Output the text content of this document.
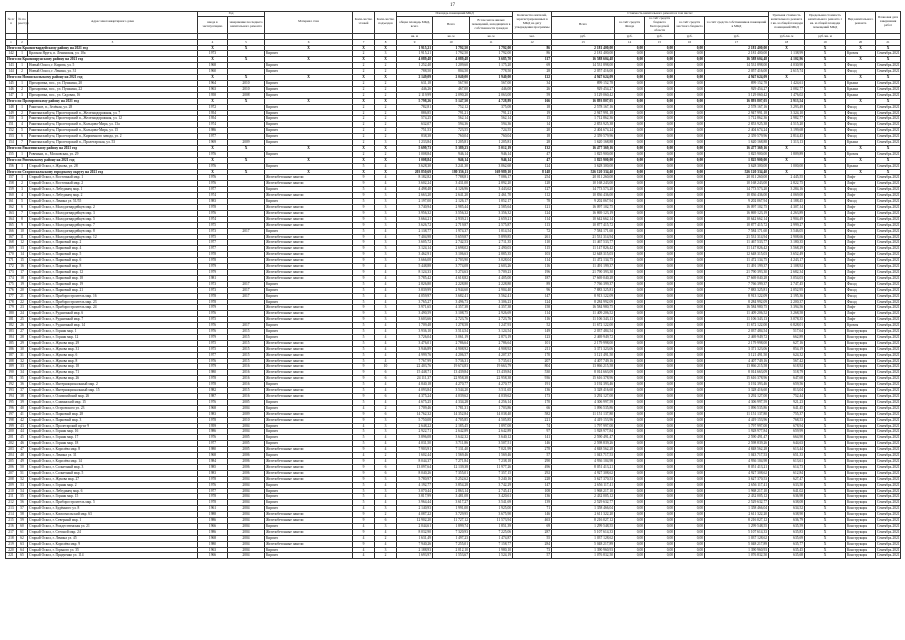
17
№ п/п	№ по реестру	Адрес многоквартирного дома	Год		Материал стен	Коли-чество этажей	Коли-чество подъездов	Площадь помещений МКД			Количество жителей, зарегистрированных в МКД на дату утверждения программы	Стоимость капитального ремонта в том числе:					Удельная стоимость капитального ремонта 1 кв. м общей площади помещений МКД	Предельная стоимость капитального ремонта 1 кв. м общей площади помещений МКД	Вид капитального ремонта	Плановая дата завершения работ
			ввода в эксплуатацию	завершение последнего капитального ремонта				общая площадь МКД, всего	Всего	В том числе жилых помещений, находящихся в собственности граждан		Всего	за счёт средств Фонда	за счёт средств бюджета Белгородской области	за счёт средств местного бюджета	за счёт средств собственников помещений в МКД				
								кв. м	кв. м	кв. м	чел.	руб.	руб.	руб.	руб.	руб.	руб./кв. м	руб./кв. м		
1	2	3	4	5	6	7	8	9	10	11	12	13	14	15	16	17	18	19	20	21
Итого по Красногвардейскому району на 2021 год			X	X	X	X	X	1 915,21	1 792,50	1 792,00	86	2 181 400,00	0,00	0,00	0,00	2 181 400,00	X	X	X	X
142	1	Красная Яруга, п. Ленинская, ул. 10а	1973		Кирпич	2	3	1 915,21	1 792,50	1 792,00	86	2 181 400,00	0,00	0,00	0,00	2 181 400,00	1 138,99	X	Кровля	Сентябрь 2021
Итого по Краснояружскому району на 2021 год			X	X	X	X	X	4 089,48	4 089,48	3 685,70	117	16 588 604,48	0,00	0,00	0,00	16 588 604,48	4 102,96	X	X	X
143	1	Новый Оскол, г. Кирова, ул. 5	1968		Кирпич	2	2	1 252,40	1 209,60	1 175,20	69	14 531 898,00	0,00	0,00	0,00	14 531 898,00	4 030,90	X	Фасад	Сентябрь 2021
144	2	Новый Оскол, г. Ленина, ул. 31	1960		Кирпич	2	2	788,50	804,50	778,50	28	2 057 416,00	0,00	0,00	0,00	2 057 416,00	2 615,74	X	Фасад	Сентябрь 2021
Итого по Новооскольскому району на 2021 год			X	X	X	X	X	2 149,09	2 040,00	1 940,00	122	4 947 624,09	0,00	0,00	0,00	4 947 624,09	X	X	X	X
145	1	Прохоровка, пос., ул. Пушкина, 20	1964	2010	Кирпич	2	2	631,18	567,90	567,00	34	899 152,78	0,00	0,00	0,00	899 152,78	1 424,61	X	Крыша	Сентябрь 2021
146	2	Прохоровка, пос., ул. Пушкина, 22	1963	2010	Кирпич	2	2	446,26	467,00	446,00	26	929 454,27	0,00	0,00	0,00	929 454,27	2 082,77	X	Крыша	Сентябрь 2021
147	3	Прохоровка, пос., ул. Садовая, 16	1958	2008	Кирпич	2	2	2 119,99	2 090,20	2 063,00	59	3 129 060,42	0,00	0,00	0,00	3 129 060,42	1 476,02	X	Крыша	Сентябрь 2021
Итого по Прохоровскому району на 2021 год			X	X	X	X	X	5 798,26	5 147,50	4 728,89	166	16 893 807,05	0,00	0,00	0,00	16 893 807,05	2 913,54	X	X	X
148	1	Ракитное, п., Зелёная, ул. 28	1972		Кирпич	2	2	782,81	752,12	375,08	18	2 578 167,16	0,00	0,00	0,00	2 578 167,16	3 293,49	X	Фасад	Сентябрь 2021
149	2	Ракитянский р-н, Пролетарский п., Железнодорожная, ул. 7	1954		Кирпич	2	2	886,85	791,21	791,21	19	2 947 991,18	0,00	0,00	0,00	2 947 991,18	3 324,10	X	Фасад	Сентябрь 2021
150	3	Ракитянский р-н, Пролетарский п., Железнодорожная, ул. 12	1954		Кирпич	2	2	574,25	562,14	562,14	15	1 712 862,36	0,00	0,00	0,00	1 712 862,36	2 982,77	X	Фасад	Сентябрь 2021
151	4	Ракитянский р-н, Пролетарский п., Кольцова-Мира, ул. 13а	1974		Кирпич	2	2	632,07	594,36	594,36	14	2 853 925,38	0,00	0,00	0,00	2 853 925,38	4 515,20	X	Фасад	Сентябрь 2021
152	5	Ракитянский р-н, Пролетарский п., Кольцова-Мира, ул. 15	1986		Кирпич	2	2	751,53	723,55	724,55	20	2 404 674,24	0,00	0,00	0,00	2 404 674,24	3 199,68	X	Фасад	Сентябрь 2021
153	6	Ракитянский р-н, Пролетарский п., Кирпичного завода, ул. 2	1977		Кирпич	2	2	838,38	760,04	760,04	18	2 359 579,96	0,00	0,00	0,00	2 359 579,96	2 814,45	X	Фасад	Сентябрь 2021
154	7	Ракитянский р-н, Пролетарский п., Пролетарская, ул. 53	1969	2009	Кирпич	2	3	1 233,84	1 205,81	1 205,81	28	1 620 168,88	0,00	0,00	0,00	1 620 168,88	1 313,13	X	Крыша	Сентябрь 2021
Итого по Ракитянскому району на 2021 год			X	X	X	X	X	5 699,73	5 389,23	5 012,19	132	16 477 369,16	0,00	0,00	0,00	16 477 369,16	X	X	X	X
155	1	Ровеньки, п., Московская, ул. 29	1976		Кирпич	2	2	1 008,84	946,14	946,14	47	1 825 900,00	0,00	0,00	0,00	1 825 900,00	1 809,89	X	Кровля	Сентябрь 2021
Итого по Ровеньскому району на 2021 год			X	X	X	X	X	1 008,84	946,14	946,14	47	1 825 900,00	0,00	0,00	0,00	1 825 900,00	X	X	X	X
156	1	Старый Оскол, г. Жукова, ул. 28	1976		Кирпич	5	4	3 628,30	3 241,30	3 062,60	124	3 628 300,00	0,00	0,00	0,00	3 628 300,00	1 000,00	X	Крыша	Сентябрь 2021
Итого по Старооскольскому городскому округу на 2021 год			X	X	X	X	X	203 850,69	180 356,11	169 989,10	8 148	526 120 334,40	0,00	0,00	0,00	526 120 334,40	X	X	X	X
157	1	Старый Оскол, г. Восточный мкр. 1	1976		Железобетонные панели	9	4	8 182,82	7 788,81	7 086,17	254	20 011 260,00	0,00	0,00	0,00	20 011 260,00	2 445,55	X	Лифт	Сентябрь 2021
158	2	Старый Оскол, г. Восточный мкр. 2	1976		Железобетонные панели	9	4	3 602,24	3 431,00	2 892,20	128	10 168 243,00	0,00	0,00	0,00	10 168 243,00	2 822,75	X	Лифт	Сентябрь 2021
159	3	Старый Оскол, г. Лебединец мкр. 1	1977		Кирпич	5	4	4 498,48	4 126,96	3 443,62	127	14 773 573,20	0,00	0,00	0,00	14 773 573,20	3 284,16	X	Фасад	Сентябрь 2021
160	4	Старый Оскол, г. Лебединец мкр. 2	1974		Железобетонные панели	9	3	2 663,20	2 641,20	2 461,70	112	10 836 436,00	0,00	0,00	0,00	10 836 436,00	4 069,00	X	Лифт	Сентябрь 2021
161	5	Старый Оскол, г. Ленина ул. 51/55	1983		Кирпич	5	3	2 197,00	2 126,17	1 852,17	78	9 202 067,94	0,00	0,00	0,00	9 202 067,94	4 188,45	X	Фасад	Сентябрь 2021
162	6	Старый Оскол, г. Молодогвардейцев мкр. 2	1978		Железобетонные панели	9	3	3 740,94	2 985,44	2 585,64	121	16 097 102,75	0,00	0,00	0,00	16 097 102,75	4 307,14	X	Лифт	Сентябрь 2021
163	7	Старый Оскол, г. Молодогвардейцев мкр. 3	1976		Железобетонные панели	9	3	3 956,32	3 556,32	3 356,32	124	16 869 123,19	0,00	0,00	0,00	16 869 123,19	4 263,89	X	Лифт	Сентябрь 2021
164	8	Старый Оскол, г. Молодогвардейцев мкр. 5	1974		Железобетонные панели	9	3	3 664,21	2 939,21	2 659,21	114	10 642 662,14	0,00	0,00	0,00	10 642 662,14	2 904,49	X	Лифт	Сентябрь 2021
165	9	Старый Оскол, г. Молодогвардейцев мкр. 7	1975		Железобетонные панели	9	3	3 626,72	2 719,87	2 575,87	113	10 877 415,72	0,00	0,00	0,00	10 877 415,72	2 999,27	X	Лифт	Сентябрь 2021
166	10	Старый Оскол, г. Молодогвардейцев мкр. 8	1973	2017	Кирпич	5	4	2 138,77	1 974,37	1 814,54	72	7 584 171,60	0,00	0,00	0,00	7 584 171,60	3 546,05	X	Фасад	Сентябрь 2021
167	11	Старый Оскол, г. Молодогвардейцев мкр. 12	1975		Железобетонные панели	9	4	7 404,98	5 659,87	5 899,85	261	21 531 314,94	0,00	0,00	0,00	21 531 314,94	2 908,66	X	Лифт	Сентябрь 2021
168	12	Старый Оскол, г. Парковый мкр. 2	1977		Железобетонные панели	9	3	3 605,72	2 742,53	2 711,35	110	11 467 533,77	0,00	0,00	0,00	11 467 533,77	3 180,35	X	Лифт	Сентябрь 2021
169	13	Старый Оскол, г. Парковый мкр. 4	1977		Железобетонные панели	9	3	3 124,14	2 698,02	2 490,03	115	11 147 826,42	0,00	0,00	0,00	11 147 826,42	3 568,29	X	Лифт	Сентябрь 2021
170	14	Старый Оскол, г. Парковый мкр. 5	1978		Железобетонные панели	9	3	3 462,91	3 106,63	2 885,35	103	12 648 315,03	0,00	0,00	0,00	12 648 315,03	3 652,49	X	Лифт	Сентябрь 2021
171	15	Старый Оскол, г. Парковый мкр. 6	1978		Железобетонные панели	9	3	3 666,08	2 703,90	3 028,04	114	11 472 134,75	0,00	0,00	0,00	11 472 134,75	4 243,17	X	Лифт	Сентябрь 2021
172	16	Старый Оскол, г. Парковый мкр. 8	1979		Железобетонные панели	9	4	5 448,88	3 774,08	2 603,26	116	11 491 199,37	0,00	0,00	0,00	11 491 199,37	2 108,92	X	Лифт	Сентябрь 2021
173	17	Старый Оскол, г. Парковый мкр. 12	1979		Железобетонные панели	9	4	8 124,33	5 274,63	5 709,23	196	21 790 393,30	0,00	0,00	0,00	21 790 393,30	2 682,34	X	Лифт	Сентябрь 2021
174	18	Старый Оскол, г. Парковый мкр. 18	1981		Железобетонные панели	9	4	5 785,42	4 618,82	4 405,00	187	17 669 040,28	0,00	0,00	0,00	17 669 040,28	3 054,03	X	Лифт	Сентябрь 2021
175	19	Старый Оскол, г. Парковый мкр. 19	1973	2017	Кирпич	5	4	2 826,80	2 228,80	2 228,80	89	7 766 399,37	0,00	0,00	0,00	7 766 399,37	2 747,45	X	Фасад	Сентябрь 2021
176	20	Старый Оскол, г. Парковый мкр. 21	1973	2017	Кирпич	5	4	3 839,99	2 944,60	2 904,40	96	7 883 325,81	0,00	0,00	0,00	7 883 325,81	2 052,95	X	Фасад	Сентябрь 2021
177	21	Старый Оскол, г. Приборостроитель мкр. 16	1978	2017	Кирпич	5	4	4 059,97	3 682,41	3 562,41	147	8 913 122,09	0,00	0,00	0,00	8 913 122,09	2 195,36	X	Фасад	Сентябрь 2021
178	22	Старый Оскол, г. Приборостроитель мкр. 23	1978		Кирпич	5	4	3 765,27	3 496,73	3 306,23	124	8 284 992,09	0,00	0,00	0,00	8 284 992,09	2 200,37	X	Фасад	Сентябрь 2021
179	23	Старый Оскол, г. Приборостроитель мкр. 24	1979		Железобетонные панели	9	3	3 971,65	4 357,38	4 357,38	158	16 584 980,75	0,00	0,00	0,00	16 584 980,75	3 394,56	X	Лифт	Сентябрь 2021
180	24	Старый Оскол, г. Рудничный мкр. 6	1976		Железобетонные панели	9	3	3 490,59	3 108,75	2 926,69	114	11 409 206,52	0,00	0,00	0,00	11 409 206,52	3 268,58	X	Лифт	Сентябрь 2021
181	25	Старый Оскол, г. Рудничный мкр. 7	1975		Железобетонные панели	9	3	3 603,66	2 723,76	2 723,76	116	11 106 343,13	0,00	0,00	0,00	11 106 343,13	3 078,35	X	Лифт	Сентябрь 2021
182	26	Старый Оскол, г. Рудничный мкр. 14	1976	2017	Кирпич	5	4	1 709,48	1 278,58	1 247,93	52	11 672 122,00	0,00	0,00	0,00	11 672 122,00	6 828,01	X	Кровля	Сентябрь 2021
183	27	Старый Оскол, г. Горняк мкр. 1	1976	2015	Кирпич	5	4	3 936,10	3 514,54	3 124,54	149	2 037 484,54	0,00	0,00	0,00	2 037 484,54	517,64	X	Конструкция	Сентябрь 2021
184	28	Старый Оскол, г. Горняк мкр. 12	1979	2015	Кирпич	5	4	3 726,04	3 061,19	2 873,19	123	2 469 949,72	0,00	0,00	0,00	2 469 949,72	662,89	X	Конструкция	Сентябрь 2021
185	29	Старый Оскол, г. Жукова мкр. 29	1975	2015	Железобетонные панели	5	4	3 476,01	2 786,64	2 786,64	101	2 179 998,00	0,00	0,00	0,00	2 179 998,00	627,16	X	Конструкция	Сентябрь 2021
186	30	Старый Оскол, г. Жукова мкр. 31	1975	2015	Железобетонные панели	5	4	3 946,89	4 908,92	4 908,92	211	3 371 323,06	0,00	0,00	0,00	3 371 323,06	854,19	X	Конструкция	Сентябрь 2021
187	31	Старый Оскол, г. Жукова мкр. 6	1977	2015	Железобетонные панели	5	4	4 999,76	4 206,57	4 207,37	170	3 121 491,50	0,00	0,00	0,00	3 121 491,50	624,32	X	Конструкция	Сентябрь 2021
188	32	Старый Оскол, г. Жукова мкр. 8	1976	2015	Железобетонные панели	5	4	7 767,99	5 736,31	5 735,61	207	4 407 749,16	0,00	0,00	0,00	4 407 749,16	567,42	X	Конструкция	Сентябрь 2021
189	33	Старый Оскол, г. Жукова мкр. 18	1979	2016	Железобетонные панели	9	10	22 403,76	19 674,83	19 663,79	804	13 866 215,58	0,00	0,00	0,00	13 866 215,58	618,92	X	Конструкция	Сентябрь 2021
190	34	Старый Оскол, г. Жукова мкр. 71	1980	2016	Железобетонные панели	9	6	15 448,71	13 439,84	13 439,84	530	8 014 663,09	0,00	0,00	0,00	8 014 663,09	518,79	X	Конструкция	Сентябрь 2021
191	35	Старый Оскол, г. Жукова мкр. 26	1978	2016	Железобетонные панели	9	6	24 111,37	22 958,38	22 958,38	936	15 616 378,96	0,00	0,00	0,00	15 616 378,96	647,68	X	Конструкция	Сентябрь 2021
192	36	Старый Оскол, г. Интернациональный мкр. 2	1978	2016	Кирпич	5	4	4 840,18	4 270,77	4 270,77	191	3 192 393,46	0,00	0,00	0,00	3 192 393,46	659,56	X	Конструкция	Сентябрь 2021
193	37	Старый Оскол, г. Интернациональный мкр. 15	1982	2015	Железобетонные панели	5	4	4 093,84	3 544,20	3 511,65	136	3 328 416,60	0,00	0,00	0,00	3 328 416,60	813,04	X	Конструкция	Сентябрь 2021
194	38	Старый Оскол, г. Олимпийский мкр. 26	1987	2016	Железобетонные панели	9	6	4 375,24	4 039,62	4 039,62	173	3 292 127,00	0,00	0,00	0,00	3 292 127,00	752,44	X	Конструкция	Сентябрь 2021
195	39	Старый Оскол, г. Славянский мкр. 15	1976	2005	Кирпич	5	4	4 675,25	4 334,28	4 256,14	170	4 306 997,59	0,00	0,00	0,00	4 306 997,59	921,23	X	Конструкция	Сентябрь 2021
196	40	Старый Оскол, г. Островского ул. 23	1968	2004	Кирпич	4	2	1 709,46	1 781,31	1 703,86	66	1 096 535,86	0,00	0,00	0,00	1 096 535,86	641,45	X	Конструкция	Сентябрь 2021
197	41	Старый Оскол, г. Парковый мкр. 28	1983	2009	Железобетонные панели	9	6	14 762,32	14 352,84	14 038,40	582	11 151 137,80	0,00	0,00	0,00	11 151 137,80	755,37	X	Конструкция	Сентябрь 2021
198	42	Старый Оскол, г. Парковый мкр. 3	1978	2010	Железобетонные панели	9	3	5 750,08	4 705,85	4 505,85	221	4 419 153,96	0,00	0,00	0,00	4 419 153,96	768,53	X	Конструкция	Сентябрь 2021
199	43	Старый Оскол, г. Пролетарский пр-кт 9	1959	2004	Кирпич	4	3	2 648,22	2 185,45	1 897,00	74	1 797 997,00	0,00	0,00	0,00	1 797 997,00	678,94	X	Конструкция	Сентябрь 2021
200	44	Старый Оскол, г. Горняк мкр. 16	1986	2004	Кирпич	5	3	2 922,71	2 642,89	2 642,89	97	1 928 977,84	0,00	0,00	0,00	1 928 977,84	659,99	X	Конструкция	Сентябрь 2021
201	45	Старый Оскол, г. Горняк мкр. 17	1976	2005	Кирпич	5	4	3 896,08	3 642,32	3 640,12	141	2 590 491,47	0,00	0,00	0,00	2 590 491,47	664,90	X	Конструкция	Сентябрь 2021
202	46	Старый Оскол, г. Горняк мкр. 18	1977	2005	Кирпич	5	4	4 031,50	3 711,86	3 507,51	146	2 598 839,26	0,00	0,00	0,00	2 598 839,26	644,63	X	Конструкция	Сентябрь 2021
203	47	Старый Оскол, г. Королёва мкр. 8	1980	2005	Железобетонные панели	9	4	7 903,91	7 131,40	7 021,99	278	4 848 562,28	0,00	0,00	0,00	4 848 562,28	613,44	X	Конструкция	Сентябрь 2021
204	48	Старый Оскол, г. Ленина ул. 31	1968	2006	Кирпич	4	2	1 602,44	1 569,46	1 569,46	57	1 043 717,53	0,00	0,00	0,00	1 043 717,53	651,33	X	Конструкция	Сентябрь 2021
205	49	Старый Оскол, г. Королёва мкр. 14	1984	2006	Железобетонные панели	9	4	8 044,37	7 271,84	7 238,18	290	4 936 104,98	0,00	0,00	0,00	4 936 104,98	613,61	X	Конструкция	Сентябрь 2021
206	50	Старый Оскол, г. Солнечный мкр. 3	1985	2006	Железобетонные панели	9	6	13 097,64	12 139,38	11 977,26	496	8 051 413,21	0,00	0,00	0,00	8 051 413,21	614,73	X	Конструкция	Сентябрь 2021
207	51	Старый Оскол, г. Солнечный мкр. 5	1983	2006	Железобетонные панели	9	6	8 040,26	7 355,01	7 357,15	292	4 927 308,62	0,00	0,00	0,00	4 927 308,62	612,84	X	Конструкция	Сентябрь 2021
208	52	Старый Оскол, г. Жукова мкр. 27	1978	2004	Железобетонные панели	9	3	5 780,97	5 252,62	5 240,16	228	3 627 370,53	0,00	0,00	0,00	3 627 370,53	627,47	X	Конструкция	Сентябрь 2021
209	53	Старый Оскол, г. Горняк мкр. 2	1976	2004	Кирпич	5	4	4 192,77	3 854,28	3 742,29	147	2 656 117,41	0,00	0,00	0,00	2 656 117,41	633,50	X	Конструкция	Сентябрь 2021
210	54	Старый Оскол, г. Лебединец мкр. 6	1977	2004	Кирпич	5	3	3 070,44	2 863,14	2 745,41	108	1 968 217,10	0,00	0,00	0,00	1 968 217,10	641,02	X	Конструкция	Сентябрь 2021
211	55	Старый Оскол, г. Горняк мкр. 15	1978	2004	Кирпич	5	4	3 817,99	3 481,08	3 420,61	136	2 432 005,12	0,00	0,00	0,00	2 432 005,12	636,98	X	Конструкция	Сентябрь 2021
212	56	Старый Оскол, г. Приборостроитель мкр. 5	1978	2004	Кирпич	5	4	3 964,44	3 617,27	3 541,69	139	2 529 632,77	0,00	0,00	0,00	2 529 632,77	638,08	X	Конструкция	Сентябрь 2021
213	57	Старый Оскол, г. Будённого ул. 8	1961	2004	Кирпич	4	3	2 140,93	1 991,00	1 925,00	71	1 358 466,04	0,00	0,00	0,00	1 358 466,04	634,52	X	Конструкция	Сентябрь 2021
214	58	Старый Оскол, г. Комсомольский мкр. 63	1988	2004	Железобетонные панели	9	2	4 087,22	3 729,95	3 675,90	146	2 611 322,20	0,00	0,00	0,00	2 611 322,20	638,90	X	Конструкция	Сентябрь 2021
215	59	Старый Оскол, г. Северный мкр. 1	1986	2004	Железобетонные панели	9	6	12 902,20	11 727,12	11 573,94	463	8 216 027,12	0,00	0,00	0,00	8 216 027,12	636,79	X	Конструкция	Сентябрь 2021
216	60	Старый Оскол, г. Рождественская ул. 21	1966	2004	Кирпич	4	3	2 044,61	1 899,74	1 851,39	69	1 299 548,55	0,00	0,00	0,00	1 299 548,55	635,59	X	Конструкция	Сентябрь 2021
217	61	Старый Оскол, г. Степной мкр. 24	1986	2004	Железобетонные панели	9	4	8 032,90	7 320,93	7 225,06	287	5 107 614,33	0,00	0,00	0,00	5 107 614,33	635,83	X	Конструкция	Сентябрь 2021
218	62	Старый Оскол, г. Ленина ул. 45	1968	2004	Кирпич	4	2	1 631,49	1 497,23	1 474,87	55	1 037 128,62	0,00	0,00	0,00	1 037 128,62	635,69	X	Конструкция	Сентябрь 2021
219	63	Старый Оскол, г. Королёва мкр. 9	1980	2004	Железобетонные панели	9	4	7 940,26	7 255,01	7 158,77	284	5 048 217,89	0,00	0,00	0,00	5 048 217,89	635,77	X	Конструкция	Сентябрь 2021
220	64	Старый Оскол, г. Горького ул. 35	1963	2004	Кирпич	4	3	2 188,93	2 012,10	1 980,10	73	1 390 960,93	0,00	0,00	0,00	1 390 960,93	635,45	X	Конструкция	Сентябрь 2021
221	65	Старый Оскол, г. Прядченко ул. 114	1966	2004	Кирпич	4	2	1 693,97	1 553,67	1 524,19	57	1 076 832,50	0,00	0,00	0,00	1 076 832,50	635,68	X	Конструкция	Сентябрь 2021
